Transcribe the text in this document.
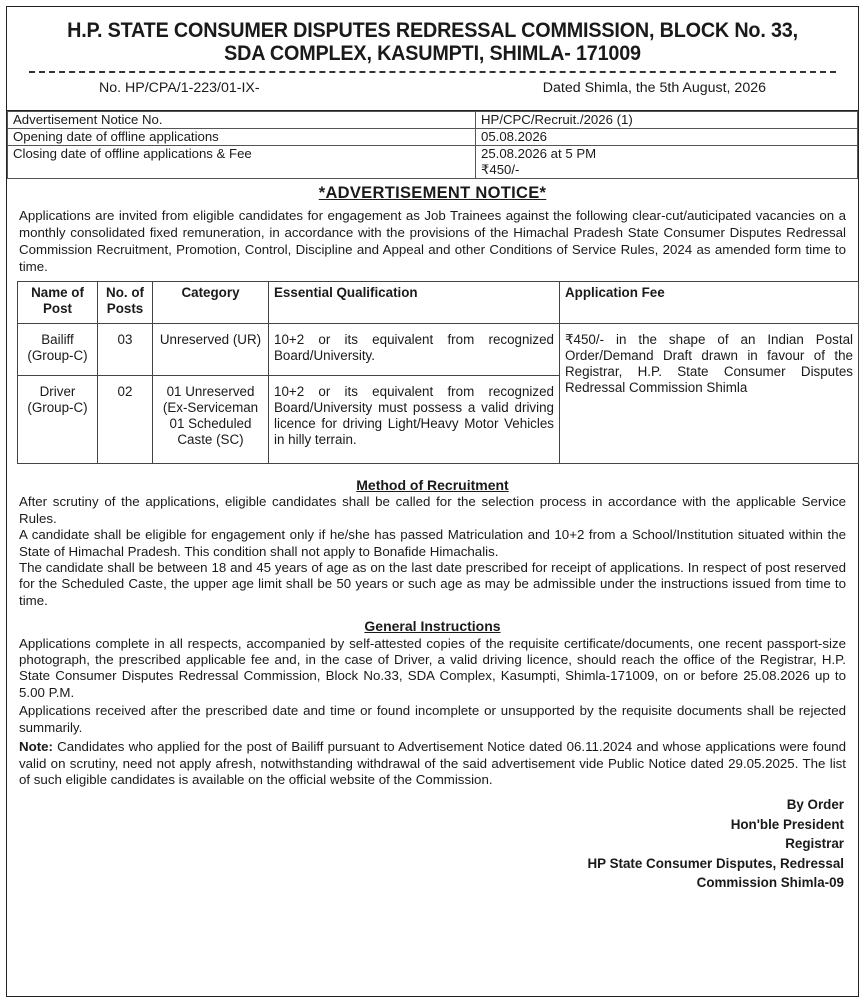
H.P. STATE CONSUMER DISPUTES REDRESSAL COMMISSION, BLOCK No. 33,
SDA COMPLEX, KASUMPTI, SHIMLA- 171009
No. HP/CPA/1-223/01-IX-	Dated Shimla, the 5th August, 2026
Advertisement Notice No.	HP/CPC/Recruit./2026 (1)
Opening date of offline applications	05.08.2026
Closing date of offline applications & Fee	25.08.2026 at 5 PM
₹450/-
*ADVERTISEMENT NOTICE*
Applications are invited from eligible candidates for engagement as Job Trainees against the following clear-cut/auticipated vacancies on a monthly consolidated fixed remuneration, in accordance with the provisions of the Himachal Pradesh State Consumer Disputes Redressal Commission Recruitment, Promotion, Control, Discipline and Appeal and other Conditions of Service Rules, 2024 as amended form time to time.
Name of Post	No. of Posts	Category	Essential Qualification	Application Fee
Bailiff (Group-C)	03	Unreserved (UR)	10+2 or its equivalent from recognized Board/University.	₹450/- in the shape of an Indian Postal Order/Demand Draft drawn in favour of the Registrar, H.P. State Consumer Disputes Redressal Commission Shimla
Driver (Group-C)	02	01 Unreserved (Ex-Serviceman 01 Scheduled Caste (SC)	10+2 or its equivalent from recognized Board/University must possess a valid driving licence for driving Light/Heavy Motor Vehicles in hilly terrain.	
Method of Recruitment
After scrutiny of the applications, eligible candidates shall be called for the selection process in accordance with the applicable Service Rules.
A candidate shall be eligible for engagement only if he/she has passed Matriculation and 10+2 from a School/Institution situated within the State of Himachal Pradesh. This condition shall not apply to Bonafide Himachalis.
The candidate shall be between 18 and 45 years of age as on the last date prescribed for receipt of applications. In respect of post reserved for the Scheduled Caste, the upper age limit shall be 50 years or such age as may be admissible under the instructions issued from time to time.
General Instructions
Applications complete in all respects, accompanied by self-attested copies of the requisite certificate/documents, one recent passport-size photograph, the prescribed applicable fee and, in the case of Driver, a valid driving licence, should reach the office of the Registrar, H.P. State Consumer Disputes Redressal Commission, Block No.33, SDA Complex, Kasumpti, Shimla-171009, on or before 25.08.2026 up to 5.00 P.M.
Applications received after the prescribed date and time or found incomplete or unsupported by the requisite documents shall be rejected summarily.
Note: Candidates who applied for the post of Bailiff pursuant to Advertisement Notice dated 06.11.2024 and whose applications were found valid on scrutiny, need not apply afresh, notwithstanding withdrawal of the said advertisement vide Public Notice dated 29.05.2025. The list of such eligible candidates is available on the official website of the Commission.
By Order
Hon'ble President
Registrar
HP State Consumer Disputes, Redressal
Commission Shimla-09
